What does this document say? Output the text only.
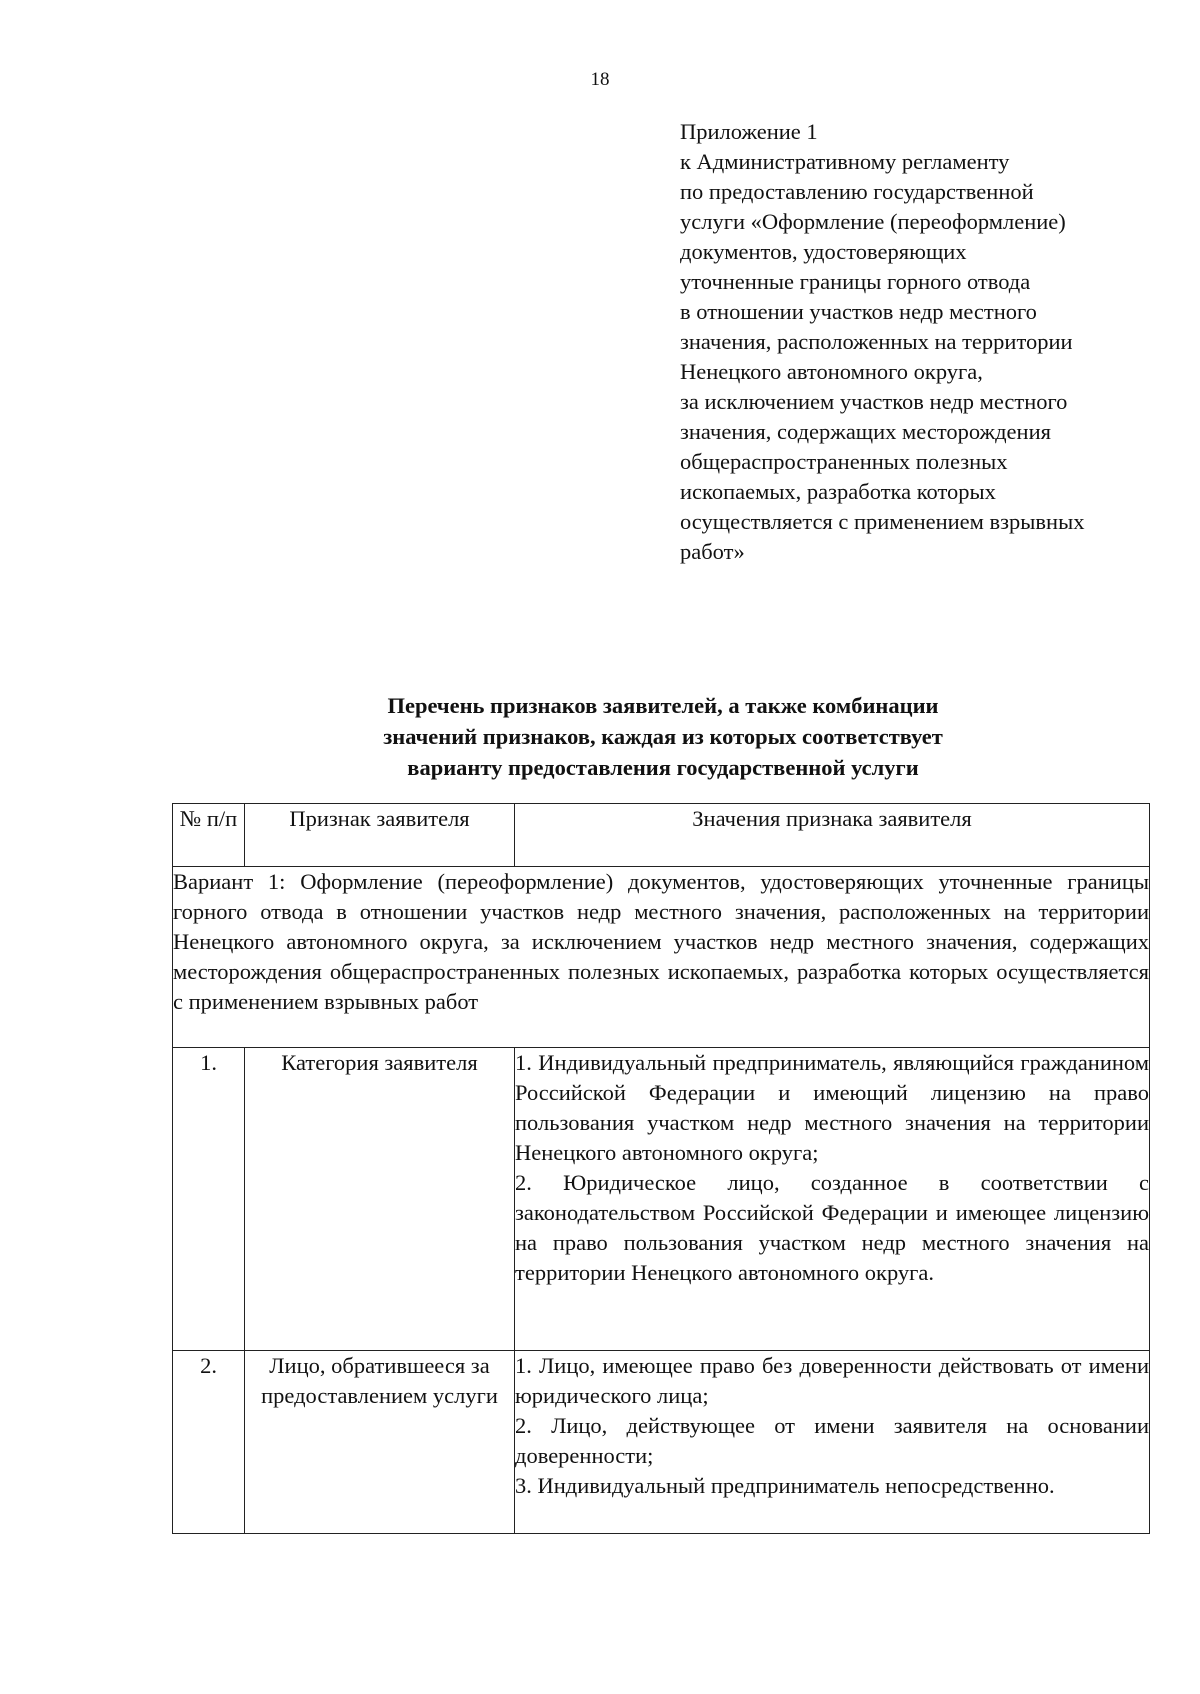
18
Приложение 1
к Административному регламенту
по предоставлению государственной
услуги «Оформление (переоформление)
документов, удостоверяющих
уточненные границы горного отвода
в отношении участков недр местного
значения, расположенных на территории
Ненецкого автономного округа,
за исключением участков недр местного
значения, содержащих месторождения
общераспространенных полезных
ископаемых, разработка которых
осуществляется с применением взрывных
работ»
Перечень признаков заявителей, а также комбинации
значений признаков, каждая из которых соответствует
варианту предоставления государственной услуги
№ п/п	Признак заявителя	Значения признака заявителя
Вариант 1: Оформление (переоформление) документов, удостоверяющих уточненные границы горного отвода в отношении участков недр местного значения, расположенных на территории Ненецкого автономного округа, за исключением участков недр местного значения, содержащих месторождения общераспространенных полезных ископаемых, разработка которых осуществляется с применением взрывных работ		
1.	Категория заявителя	1. Индивидуальный предприниматель, являющийся гражданином Российской Федерации и имеющий лицензию на право пользования участком недр местного значения на территории Ненецкого автономного округа;

2. Юридическое лицо, созданное в соответствии с законодательством Российской Федерации и имеющее лицензию на право пользования участком недр местного значения на территории Ненецкого автономного округа.

2.	Лицо, обратившееся за предоставлением услуги	1. Лицо, имеющее право без доверенности действовать от имени юридического лица;

2. Лицо, действующее от имени заявителя на основании доверенности;

3. Индивидуальный предприниматель непосредственно.
